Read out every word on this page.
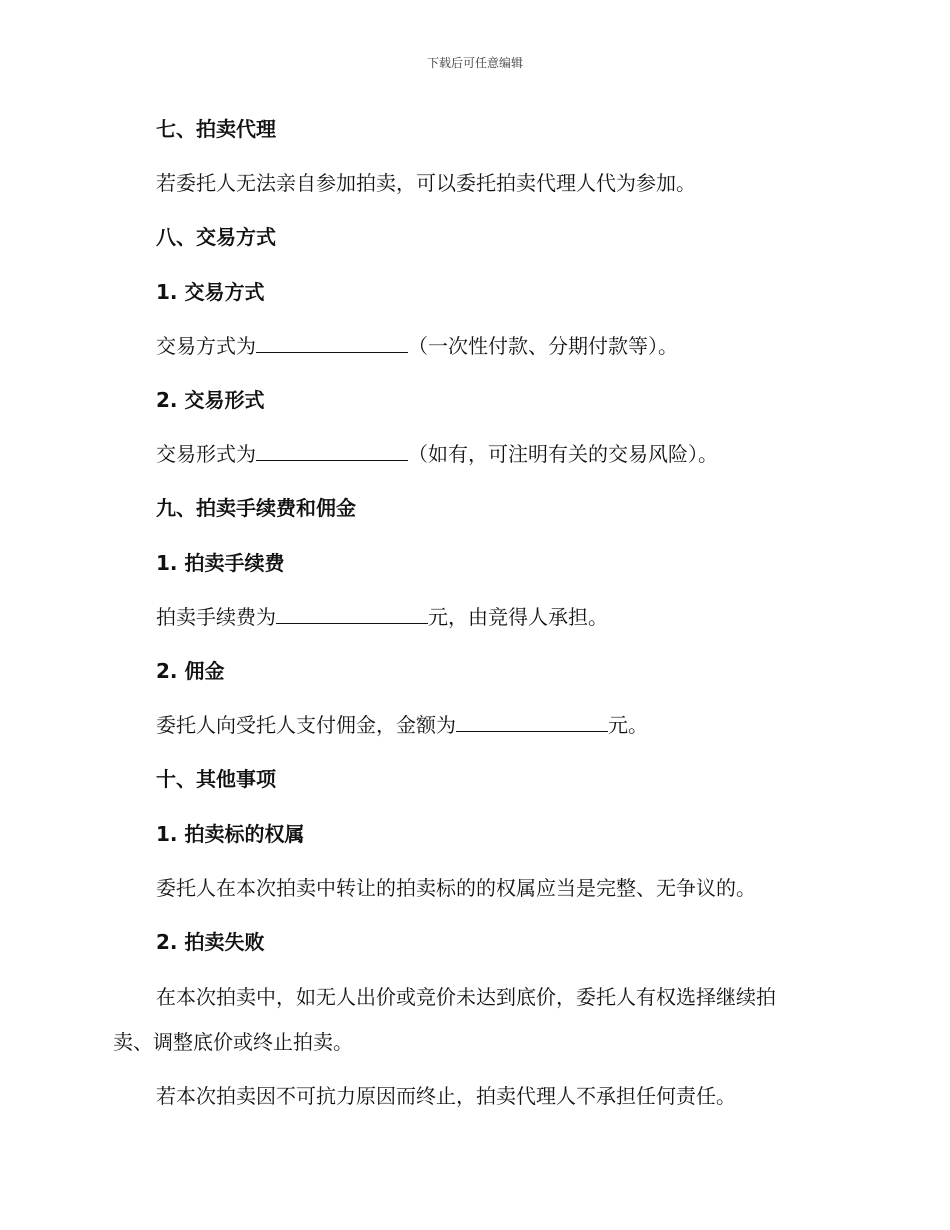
下载后可任意编辑
七、拍卖代理
若委托人无法亲自参加拍卖，可以委托拍卖代理人代为参加。
八、交易方式
1. 交易方式
交易方式为	（一次性付款、分期付款等）。
2. 交易形式
交易形式为	（如有，可注明有关的交易风险）。
九、拍卖手续费和佣金
1. 拍卖手续费
拍卖手续费为	元，由竞得人承担。
2. 佣金
委托人向受托人支付佣金，金额为	元。
十、其他事项
1. 拍卖标的权属
委托人在本次拍卖中转让的拍卖标的的权属应当是完整、无争议的。
2. 拍卖失败
在本次拍卖中，如无人出价或竞价未达到底价，委托人有权选择继续拍
卖、调整底价或终止拍卖。
若本次拍卖因不可抗力原因而终止，拍卖代理人不承担任何责任。
